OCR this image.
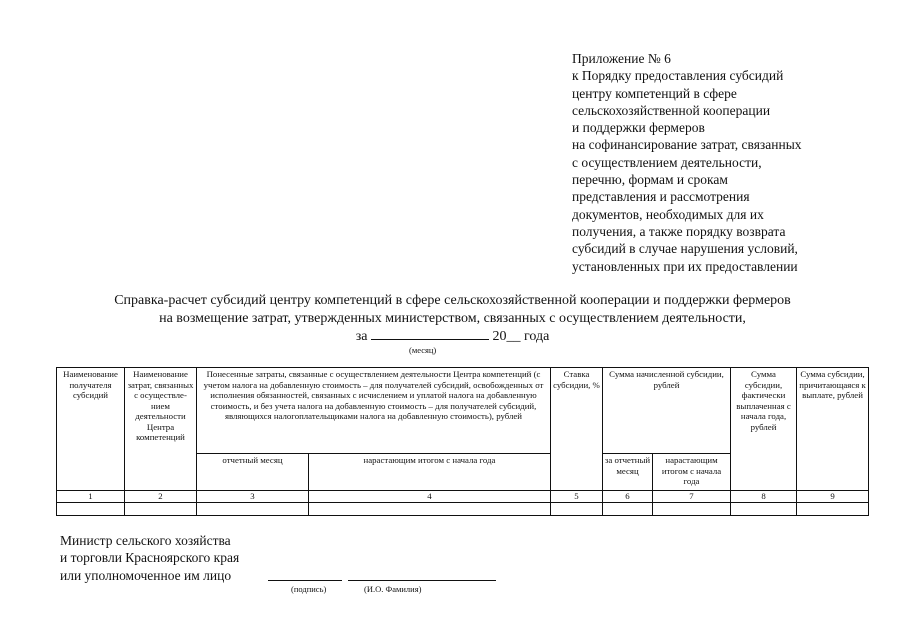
Приложение № 6
к Порядку предоставления субсидий
центру компетенций в сфере
сельскохозяйственной кооперации
и поддержки фермеров
на софинансирование затрат, связанных
с осуществлением деятельности,
перечню, формам и срокам
представления и рассмотрения
документов, необходимых для их
получения, а также порядку возврата
субсидий в случае нарушения условий,
установленных при их предоставлении
Справка-расчет субсидий центру компетенций в сфере сельскохозяйственной кооперации и поддержки фермеров
на возмещение затрат, утвержденных министерством, связанных с осуществлением деятельности,
за	20__ года
(месяц)
Наименование получателя субсидий	Наименование затрат, связанных с осуществле-нием деятельности Центра компетенций	Понесенные затраты, связанные с осуществлением деятельности Центра компетенций (с учетом налога на добавленную стоимость – для получателей субсидий, освобожденных от исполнения обязанностей, связанных с исчислением и уплатой налога на добавленную стоимость, и без учета налога на добавленную стоимость – для получателей субсидий, являющихся налогоплательщиками налога на добавленную стоимость), рублей		Ставка субсидии, %	Сумма начисленной субсидии, рублей		Сумма субсидии, фактически выплаченная с начала года, рублей	Сумма субсидии, причитающаяся к выплате, рублей
		отчетный месяц	нарастающим итогом с начала года		за отчетный месяц	нарастающим итогом с начала года		
1	2	3	4	5	6	7	8	9

Министр сельского хозяйства
и торговли Красноярского края
или уполномоченное им лицо
(подпись)	(И.О. Фамилия)
